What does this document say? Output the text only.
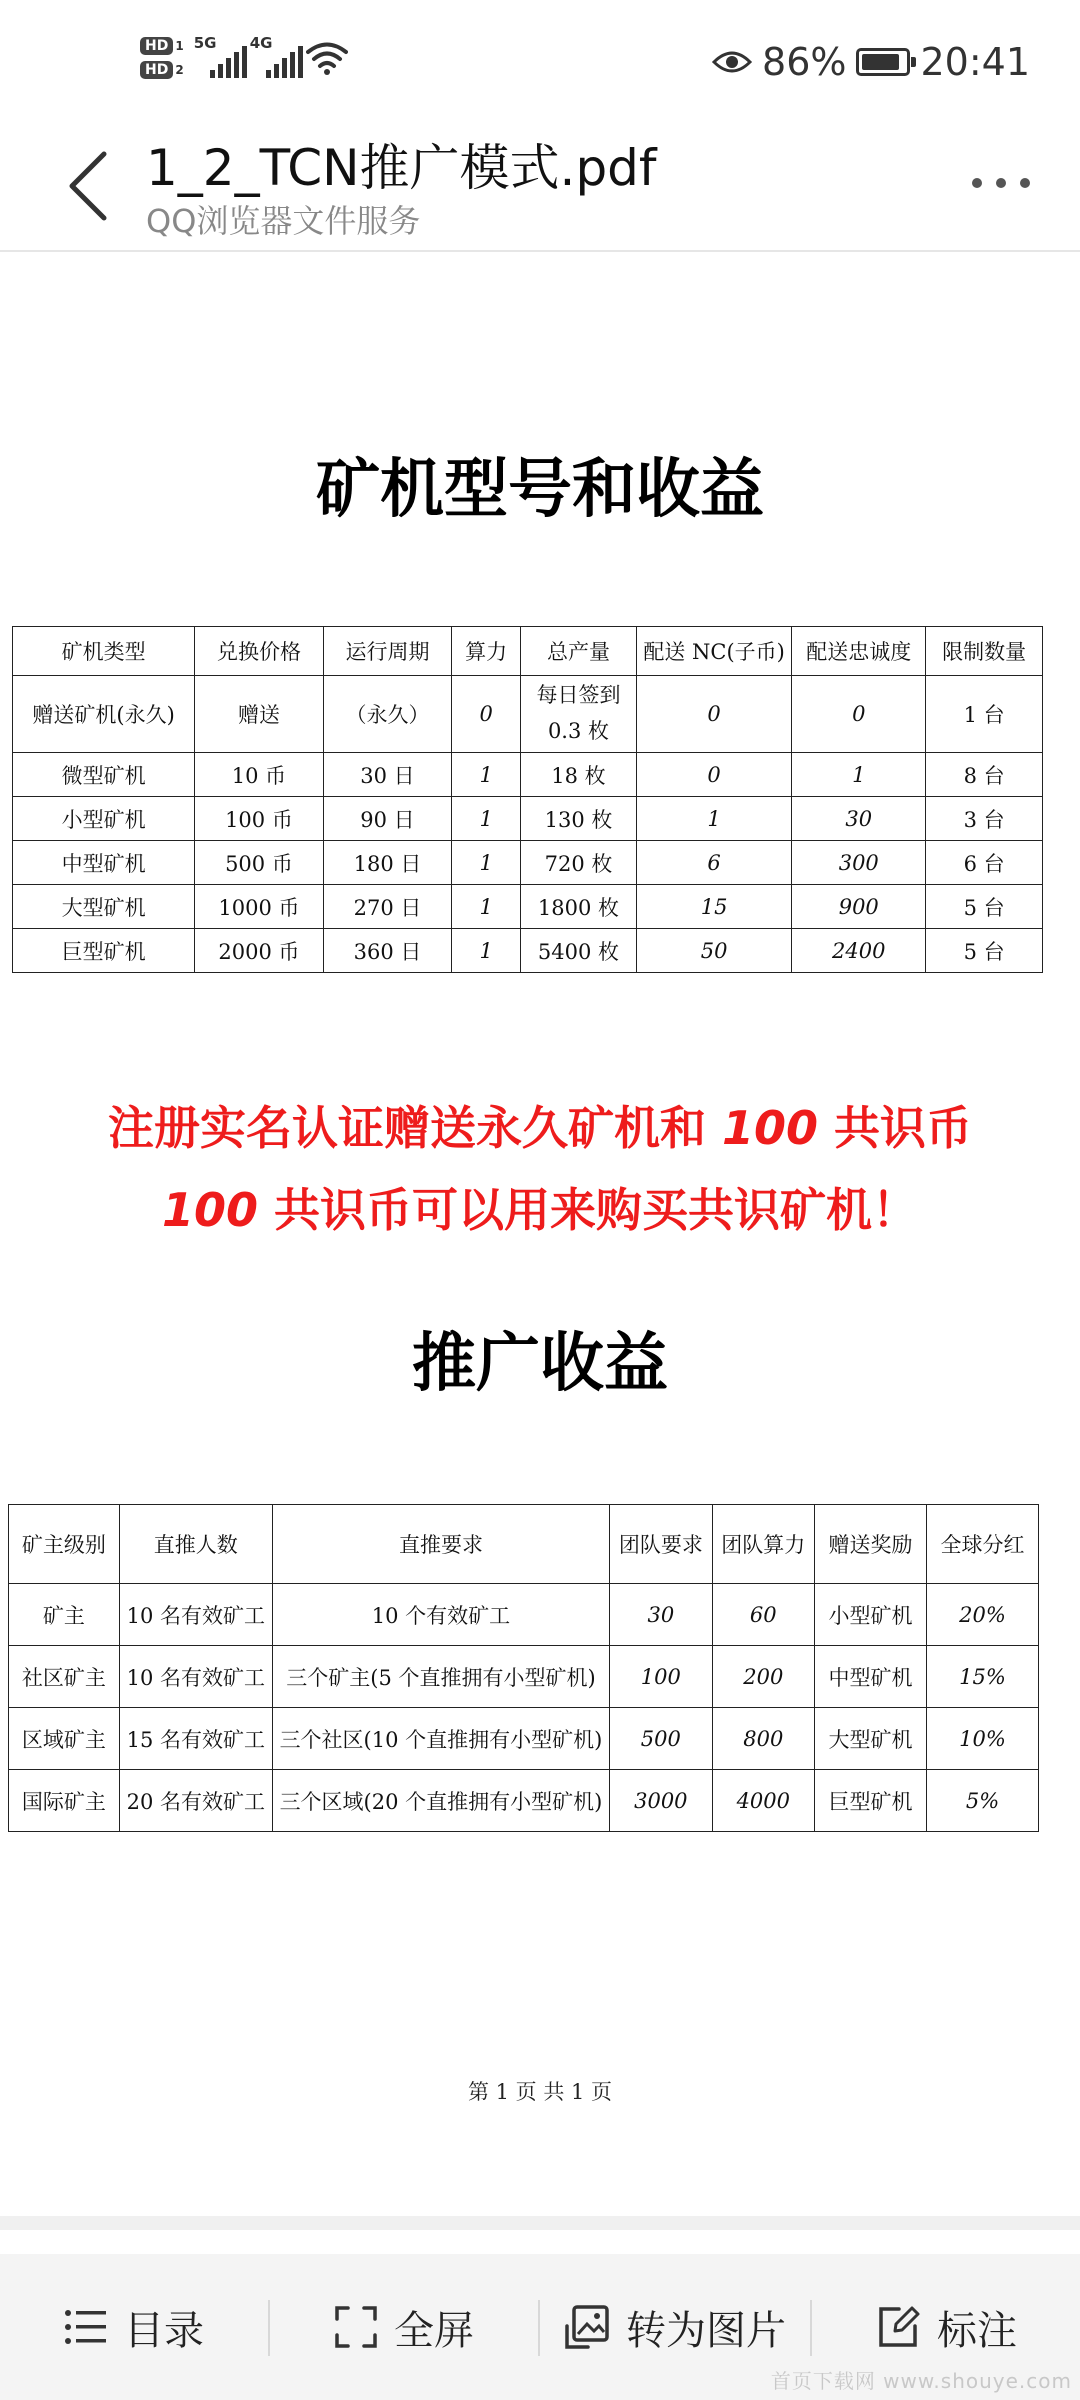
HD 1
HD 2
5G 4G	86% 20:41
1_2_TCN推广模式.pdf
QQ浏览器文件服务
矿机型号和收益
矿机类型	兑换价格	运行周期	算力	总产量	配送 NC(子币)	配送忠诚度	限制数量
赠送矿机(永久)	赠送	（永久）	0	每日签到 0.3 枚	0	0	1 台
微型矿机	10 币	30 日	1	18 枚	0	1	8 台
小型矿机	100 币	90 日	1	130 枚	1	30	3 台
中型矿机	500 币	180 日	1	720 枚	6	300	6 台
大型矿机	1000 币	270 日	1	1800 枚	15	900	5 台
巨型矿机	2000 币	360 日	1	5400 枚	50	2400	5 台
注册实名认证赠送永久矿机和 100 共识币
100 共识币可以用来购买共识矿机！
推广收益
矿主级别	直推人数	直推要求	团队要求	团队算力	赠送奖励	全球分红
矿主	10 名有效矿工	10 个有效矿工	30	60	小型矿机	20%
社区矿主	10 名有效矿工	三个矿主(5 个直推拥有小型矿机)	100	200	中型矿机	15%
区域矿主	15 名有效矿工	三个社区(10 个直推拥有小型矿机)	500	800	大型矿机	10%
国际矿主	20 名有效矿工	三个区域(20 个直推拥有小型矿机)	3000	4000	巨型矿机	5%
第 1 页 共 1 页
目录	全屏	转为图片	标注
首页下载网 www.shouye.com
